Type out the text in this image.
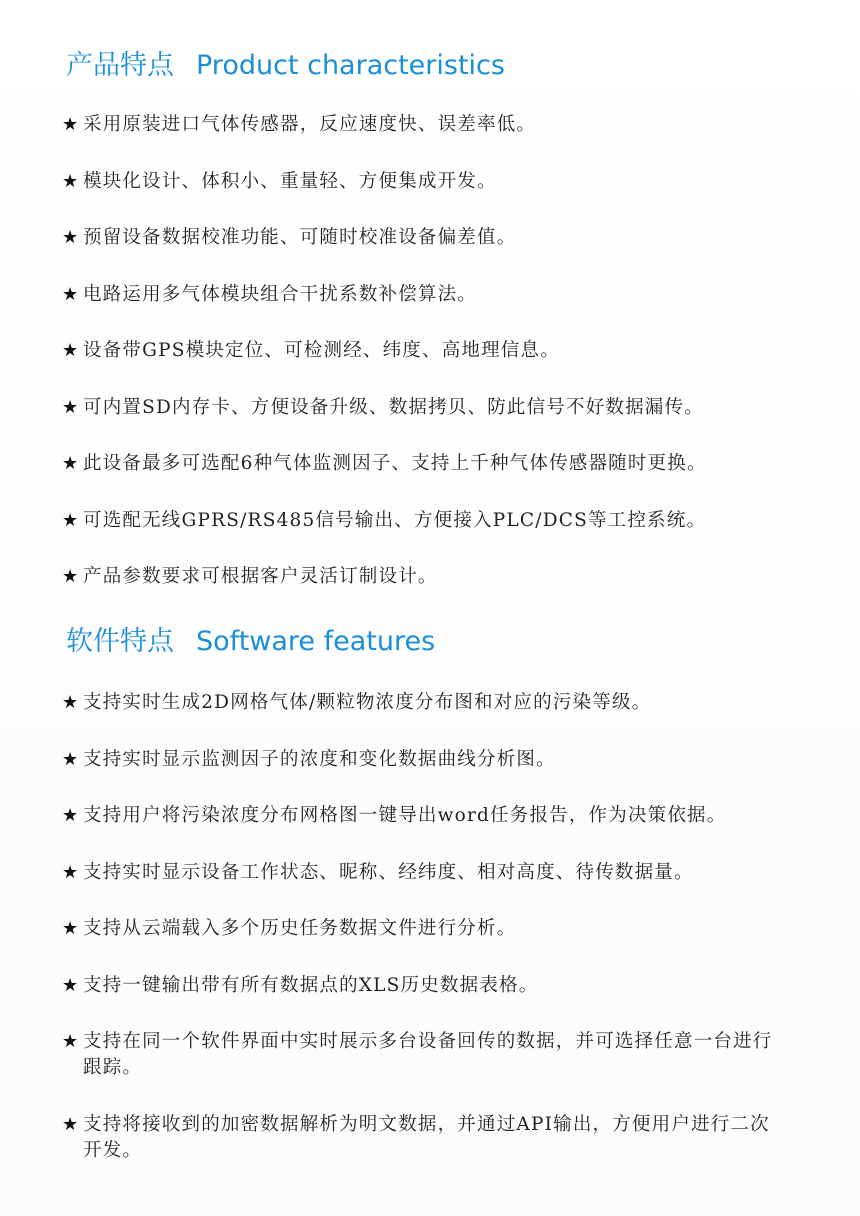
产品特点 Product characteristics
★ 采用原装进口气体传感器，反应速度快、误差率低。
★ 模块化设计、体积小、重量轻、方便集成开发。
★ 预留设备数据校准功能、可随时校准设备偏差值。
★ 电路运用多气体模块组合干扰系数补偿算法。
★ 设备带GPS模块定位、可检测经、纬度、高地理信息。
★ 可内置SD内存卡、方便设备升级、数据拷贝、防此信号不好数据漏传。
★ 此设备最多可选配6种气体监测因子、支持上千种气体传感器随时更换。
★ 可选配无线GPRS/RS485信号输出、方便接入PLC/DCS等工控系统。
★ 产品参数要求可根据客户灵活订制设计。
软件特点 Software features
★ 支持实时生成2D网格气体/颗粒物浓度分布图和对应的污染等级。
★ 支持实时显示监测因子的浓度和变化数据曲线分析图。
★ 支持用户将污染浓度分布网格图一键导出word任务报告，作为决策依据。
★ 支持实时显示设备工作状态、昵称、经纬度、相对高度、待传数据量。
★ 支持从云端载入多个历史任务数据文件进行分析。
★ 支持一键输出带有所有数据点的XLS历史数据表格。
★ 支持在同一个软件界面中实时展示多台设备回传的数据，并可选择任意一台进行跟踪。
★ 支持将接收到的加密数据解析为明文数据，并通过API输出，方便用户进行二次开发。
